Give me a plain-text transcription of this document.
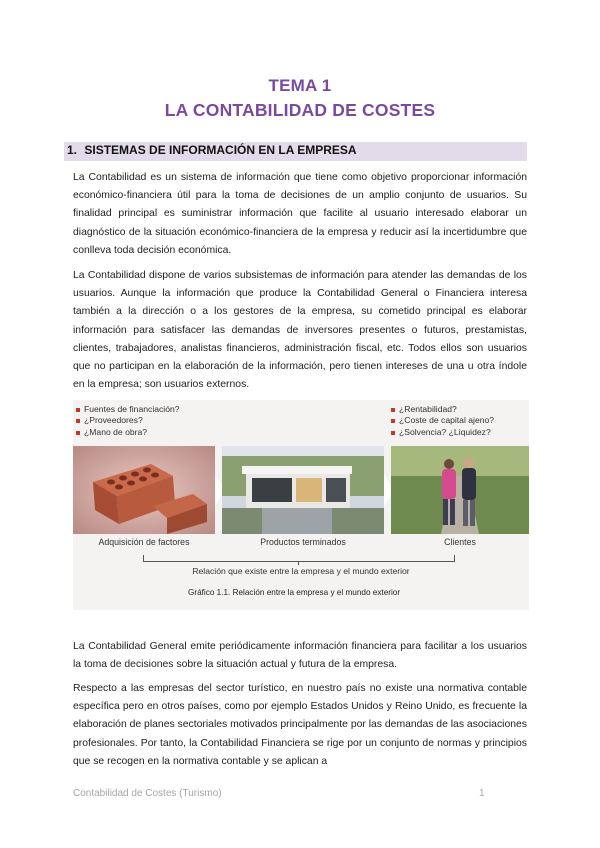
TEMA 1
LA CONTABILIDAD DE COSTES
1. SISTEMAS DE INFORMACIÓN EN LA EMPRESA
La Contabilidad es un sistema de información que tiene como objetivo proporcionar información económico-financiera útil para la toma de decisiones de un amplio conjunto de usuarios. Su finalidad principal es suministrar información que facilite al usuario interesado elaborar un diagnóstico de la situación económico-financiera de la empresa y reducir así la incertidumbre que conlleva toda decisión económica.
La Contabilidad dispone de varios subsistemas de información para atender las demandas de los usuarios. Aunque la información que produce la Contabilidad General o Financiera interesa también a la dirección o a los gestores de la empresa, su cometido principal es elaborar información para satisfacer las demandas de inversores presentes o futuros, prestamistas, clientes, trabajadores, analistas financieros, administración fiscal, etc. Todos ellos son usuarios que no participan en la elaboración de la información, pero tienen intereses de una u otra índole en la empresa; son usuarios externos.
Fuentes de financiación?
¿Proveedores?
¿Mano de obra?
¿Rentabilidad?
¿Coste de capital ajeno?
¿Solvencia? ¿Liquidez?
Adquisición de factores	Productos terminados	Clientes
Relación que existe entre la empresa y el mundo exterior
Gráfico 1.1. Relación entre la empresa y el mundo exterior
La Contabilidad General emite periódicamente información financiera para facilitar a los usuarios la toma de decisiones sobre la situación actual y futura de la empresa.
Respecto a las empresas del sector turístico, en nuestro país no existe una normativa contable específica pero en otros países, como por ejemplo Estados Unidos y Reino Unido, es frecuente la elaboración de planes sectoriales motivados principalmente por las demandas de las asociaciones profesionales. Por tanto, la Contabilidad Financiera se rige por un conjunto de normas y principios que se recogen en la normativa contable y se aplican a
Contabilidad de Costes (Turismo)	1
